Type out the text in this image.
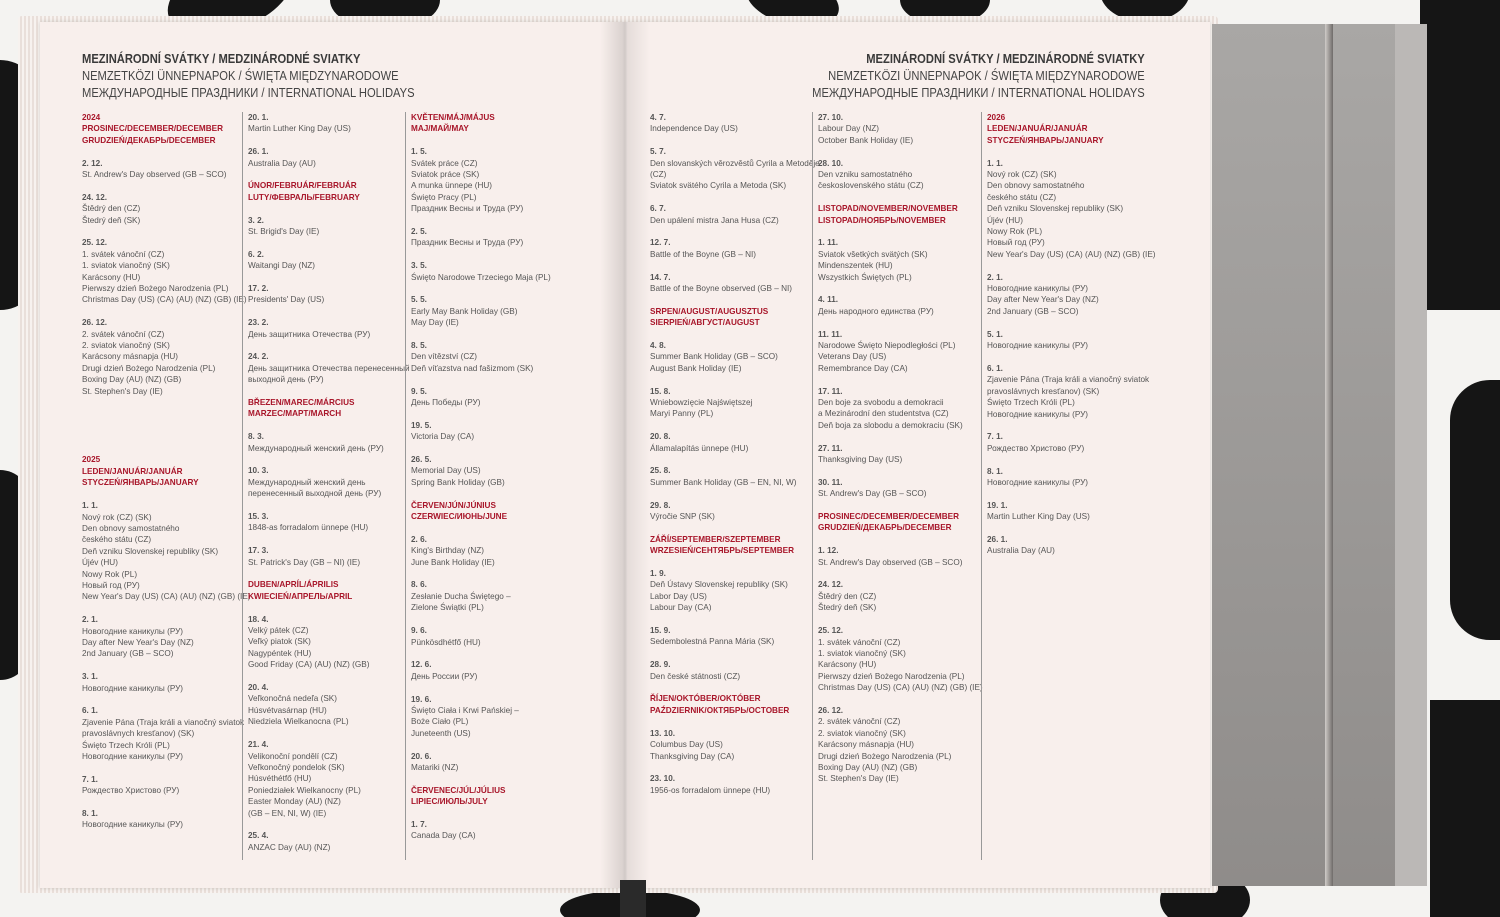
MEZINÁRODNÍ SVÁTKY / MEDZINÁRODNÉ SVIATKY
NEMZETKÖZI ÜNNEPNAPOK / ŚWIĘTA MIĘDZYNARODOWE
МЕЖДУНАРОДНЫЕ ПРАЗДНИКИ / INTERNATIONAL HOLIDAYS
MEZINÁRODNÍ SVÁTKY / MEDZINÁRODNÉ SVIATKY
NEMZETKÖZI ÜNNEPNAPOK / ŚWIĘTA MIĘDZYNARODOWE
МЕЖДУНАРОДНЫЕ ПРАЗДНИКИ / INTERNATIONAL HOLIDAYS
2024
PROSINEC/DECEMBER/DECEMBER
GRUDZIEŃ/ДЕКАБРЬ/DECEMBER
2. 12.
St. Andrew's Day observed (GB – SCO)
24. 12.
Štědrý den (CZ)
Štedrý deň (SK)
25. 12.
1. svátek vánoční (CZ)
1. sviatok vianočný (SK)
Karácsony (HU)
Pierwszy dzień Bożego Narodzenia (PL)
Christmas Day (US) (CA) (AU) (NZ) (GB) (IE)
26. 12.
2. svátek vánoční (CZ)
2. sviatok vianočný (SK)
Karácsony másnapja (HU)
Drugi dzień Bożego Narodzenia (PL)
Boxing Day (AU) (NZ) (GB)
St. Stephen's Day (IE)
2025
LEDEN/JANUÁR/JANUÁR
STYCZEŃ/ЯНВАРЬ/JANUARY
1. 1.
Nový rok (CZ) (SK)
Den obnovy samostatného
českého státu (CZ)
Deň vzniku Slovenskej republiky (SK)
Újév (HU)
Nowy Rok (PL)
Новый год (РУ)
New Year's Day (US) (CA) (AU) (NZ) (GB) (IE)
2. 1.
Новогодние каникулы (РУ)
Day after New Year's Day (NZ)
2nd January (GB – SCO)
3. 1.
Новогодние каникулы (РУ)
6. 1.
Zjavenie Pána (Traja králi a vianočný sviatok
pravoslávnych kresťanov) (SK)
Święto Trzech Króli (PL)
Новогодние каникулы (РУ)
7. 1.
Рождество Христово (РУ)
8. 1.
Новогодние каникулы (РУ)
20. 1.
Martin Luther King Day (US)
26. 1.
Australia Day (AU)
ÚNOR/FEBRUÁR/FEBRUÁR
LUTY/ФЕВРАЛЬ/FEBRUARY
3. 2.
St. Brigid's Day (IE)
6. 2.
Waitangi Day (NZ)
17. 2.
Presidents' Day (US)
23. 2.
День защитника Отечества (РУ)
24. 2.
День защитника Отечества перенесенный
выходной день (РУ)
BŘEZEN/MAREC/MÁRCIUS
MARZEC/МАРТ/MARCH
8. 3.
Международный женский день (РУ)
10. 3.
Международный женский день
перенесенный выходной день (РУ)
15. 3.
1848-as forradalom ünnepe (HU)
17. 3.
St. Patrick's Day (GB – NI) (IE)
DUBEN/APRÍL/ÁPRILIS
KWIECIEŃ/АПРЕЛЬ/APRIL
18. 4.
Velký pátek (CZ)
Veľký piatok (SK)
Nagypéntek (HU)
Good Friday (CA) (AU) (NZ) (GB)
20. 4.
Veľkonočná nedeľa (SK)
Húsvétvasárnap (HU)
Niedziela Wielkanocna (PL)
21. 4.
Velikonoční pondělí (CZ)
Veľkonočný pondelok (SK)
Húsvéthétfő (HU)
Poniedziałek Wielkanocny (PL)
Easter Monday (AU) (NZ)
(GB – EN, NI, W) (IE)
25. 4.
ANZAC Day (AU) (NZ)
KVĚTEN/MÁJ/MÁJUS
MAJ/МАЙ/MAY
1. 5.
Svátek práce (CZ)
Sviatok práce (SK)
A munka ünnepe (HU)
Święto Pracy (PL)
Праздник Весны и Труда (РУ)
2. 5.
Праздник Весны и Труда (РУ)
3. 5.
Święto Narodowe Trzeciego Maja (PL)
5. 5.
Early May Bank Holiday (GB)
May Day (IE)
8. 5.
Den vítězství (CZ)
Deň víťazstva nad fašizmom (SK)
9. 5.
День Победы (РУ)
19. 5.
Victoria Day (CA)
26. 5.
Memorial Day (US)
Spring Bank Holiday (GB)
ČERVEN/JÚN/JÚNIUS
CZERWIEC/ИЮНЬ/JUNE
2. 6.
King's Birthday (NZ)
June Bank Holiday (IE)
8. 6.
Zesłanie Ducha Świętego –
Zielone Świątki (PL)
9. 6.
Pünkösdhétfő (HU)
12. 6.
День России (РУ)
19. 6.
Święto Ciała i Krwi Pańskiej –
Boże Ciało (PL)
Juneteenth (US)
20. 6.
Matariki (NZ)
ČERVENEC/JÚL/JÚLIUS
LIPIEC/ИЮЛЬ/JULY
1. 7.
Canada Day (CA)
4. 7.
Independence Day (US)
5. 7.
Den slovanských věrozvěstů Cyrila a Metoděje
(CZ)
Sviatok svätého Cyrila a Metoda (SK)
6. 7.
Den upálení mistra Jana Husa (CZ)
12. 7.
Battle of the Boyne (GB – NI)
14. 7.
Battle of the Boyne observed (GB – NI)
SRPEN/AUGUST/AUGUSZTUS
SIERPIEŃ/АВГУСТ/AUGUST
4. 8.
Summer Bank Holiday (GB – SCO)
August Bank Holiday (IE)
15. 8.
Wniebowzięcie Najświętszej
Maryi Panny (PL)
20. 8.
Államalapítás ünnepe (HU)
25. 8.
Summer Bank Holiday (GB – EN, NI, W)
29. 8.
Výročie SNP (SK)
ZÁŘÍ/SEPTEMBER/SZEPTEMBER
WRZESIEŃ/СЕНТЯБРЬ/SEPTEMBER
1. 9.
Deň Ústavy Slovenskej republiky (SK)
Labor Day (US)
Labour Day (CA)
15. 9.
Sedembolestná Panna Mária (SK)
28. 9.
Den české státnosti (CZ)
ŘÍJEN/OKTÓBER/OKTÓBER
PAŹDZIERNIK/ОКТЯБРЬ/OCTOBER
13. 10.
Columbus Day (US)
Thanksgiving Day (CA)
23. 10.
1956-os forradalom ünnepe (HU)
27. 10.
Labour Day (NZ)
October Bank Holiday (IE)
28. 10.
Den vzniku samostatného
československého státu (CZ)
LISTOPAD/NOVEMBER/NOVEMBER
LISTOPAD/НОЯБРЬ/NOVEMBER
1. 11.
Sviatok všetkých svätých (SK)
Mindenszentek (HU)
Wszystkich Świętych (PL)
4. 11.
День народного единства (РУ)
11. 11.
Narodowe Święto Niepodległości (PL)
Veterans Day (US)
Remembrance Day (CA)
17. 11.
Den boje za svobodu a demokracii
a Mezinárodní den studentstva (CZ)
Deň boja za slobodu a demokraciu (SK)
27. 11.
Thanksgiving Day (US)
30. 11.
St. Andrew's Day (GB – SCO)
PROSINEC/DECEMBER/DECEMBER
GRUDZIEŃ/ДЕКАБРЬ/DECEMBER
1. 12.
St. Andrew's Day observed (GB – SCO)
24. 12.
Štědrý den (CZ)
Štedrý deň (SK)
25. 12.
1. svátek vánoční (CZ)
1. sviatok vianočný (SK)
Karácsony (HU)
Pierwszy dzień Bożego Narodzenia (PL)
Christmas Day (US) (CA) (AU) (NZ) (GB) (IE)
26. 12.
2. svátek vánoční (CZ)
2. sviatok vianočný (SK)
Karácsony másnapja (HU)
Drugi dzień Bożego Narodzenia (PL)
Boxing Day (AU) (NZ) (GB)
St. Stephen's Day (IE)
2026
LEDEN/JANUÁR/JANUÁR
STYCZEŃ/ЯНВАРЬ/JANUARY
1. 1.
Nový rok (CZ) (SK)
Den obnovy samostatného
českého státu (CZ)
Deň vzniku Slovenskej republiky (SK)
Újév (HU)
Nowy Rok (PL)
Новый год (РУ)
New Year's Day (US) (CA) (AU) (NZ) (GB) (IE)
2. 1.
Новогодние каникулы (РУ)
Day after New Year's Day (NZ)
2nd January (GB – SCO)
5. 1.
Новогодние каникулы (РУ)
6. 1.
Zjavenie Pána (Traja králi a vianočný sviatok
pravoslávnych kresťanov) (SK)
Święto Trzech Króli (PL)
Новогодние каникулы (РУ)
7. 1.
Рождество Христово (РУ)
8. 1.
Новогодние каникулы (РУ)
19. 1.
Martin Luther King Day (US)
26. 1.
Australia Day (AU)
